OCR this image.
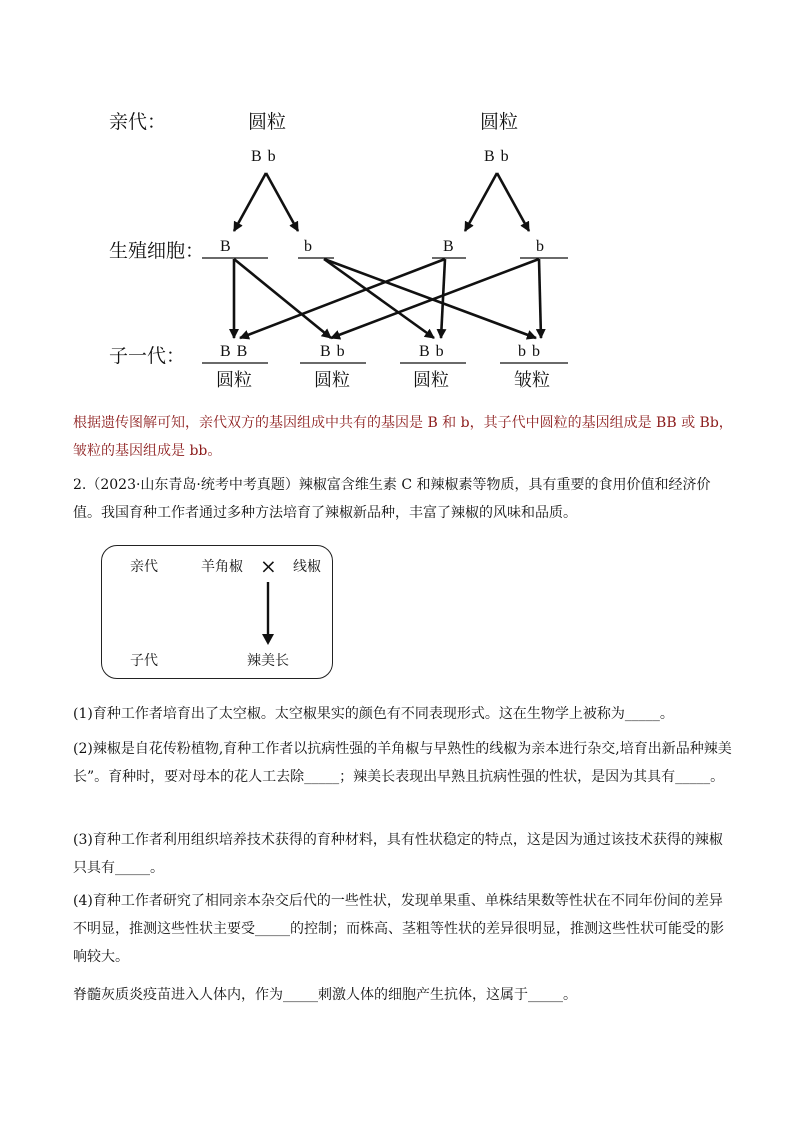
亲代：
生殖细胞：
子一代：
圆粒	圆粒
B b	B b
B	b	B	b
B B	B b	B b	b b
圆粒	圆粒	圆粒	皱粒

根据遗传图解可知，亲代双方的基因组成中共有的基因是 B 和 b，其子代中圆粒的基因组成是 BB 或 Bb，皱粒的基因组成是 bb。

2.（2023·山东青岛·统考中考真题）辣椒富含维生素 C 和辣椒素等物质，具有重要的食用价值和经济价值。我国育种工作者通过多种方法培育了辣椒新品种，丰富了辣椒的风味和品质。

亲代	羊角椒 × 线椒
子代	辣美长

(1)育种工作者培育出了太空椒。太空椒果实的颜色有不同表现形式。这在生物学上被称为_____。

(2)辣椒是自花传粉植物,育种工作者以抗病性强的羊角椒与早熟性的线椒为亲本进行杂交,培育出新品种辣美长”。育种时，要对母本的花人工去除_____；辣美长表现出早熟且抗病性强的性状，是因为其具有_____。

(3)育种工作者利用组织培养技术获得的育种材料，具有性状稳定的特点，这是因为通过该技术获得的辣椒只具有_____。

(4)育种工作者研究了相同亲本杂交后代的一些性状，发现单果重、单株结果数等性状在不同年份间的差异不明显，推测这些性状主要受_____的控制；而株高、茎粗等性状的差异很明显，推测这些性状可能受的影响较大。

脊髓灰质炎疫苗进入人体内，作为_____刺激人体的细胞产生抗体，这属于_____。
